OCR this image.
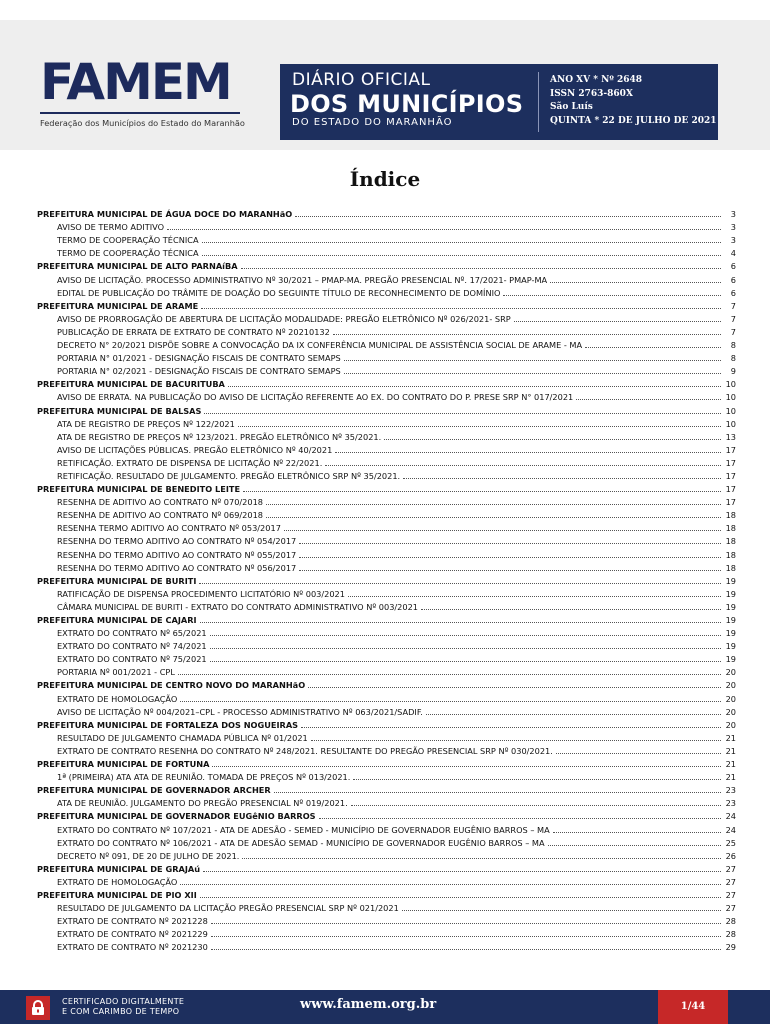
FAMEM
Federação dos Municípios do Estado do Maranhão
DIÁRIO OFICIAL
DOS MUNICÍPIOS
DO ESTADO DO MARANHÃO
ANO XV * Nº 2648
ISSN 2763-860X
São Luís
QUINTA * 22 DE JULHO DE 2021
Índice
PREFEITURA MUNICIPAL DE ÁGUA DOCE DO MARANHãO	3
AVISO DE TERMO ADITIVO	3
TERMO DE COOPERAÇÃO TÉCNICA	3
TERMO DE COOPERAÇÃO TÉCNICA	4
PREFEITURA MUNICIPAL DE ALTO PARNAíBA	6
AVISO DE LICITAÇÃO. PROCESSO ADMINISTRATIVO Nº 30/2021 – PMAP-MA. PREGÃO PRESENCIAL Nº. 17/2021- PMAP-MA	6
EDITAL DE PUBLICAÇÃO DO TRÂMITE DE DOAÇÃO DO SEGUINTE TÍTULO DE RECONHECIMENTO DE DOMÍNIO	6
PREFEITURA MUNICIPAL DE ARAME	7
AVISO DE PRORROGAÇÃO DE ABERTURA DE LICITAÇÃO MODALIDADE: PREGÃO ELETRÔNICO Nº 026/2021- SRP	7
PUBLICAÇÃO DE ERRATA DE EXTRATO DE CONTRATO Nº 20210132	7
DECRETO N° 20/2021 DISPÕE SOBRE A CONVOCAÇÃO DA IX CONFERÊNCIA MUNICIPAL DE ASSISTÊNCIA SOCIAL DE ARAME - MA	8
PORTARIA N° 01/2021 - DESIGNAÇÃO FISCAIS DE CONTRATO SEMAPS	8
PORTARIA N° 02/2021 - DESIGNAÇÃO FISCAIS DE CONTRATO SEMAPS	9
PREFEITURA MUNICIPAL DE BACURITUBA	10
AVISO DE ERRATA. NA PUBLICAÇÃO DO AVISO DE LICITAÇÃO REFERENTE AO EX. DO CONTRATO DO P. PRESE SRP N° 017/2021	10
PREFEITURA MUNICIPAL DE BALSAS	10
ATA DE REGISTRO DE PREÇOS Nº 122/2021	10
ATA DE REGISTRO DE PREÇOS Nº 123/2021. PREGÃO ELETRÔNICO Nº 35/2021.	13
AVISO DE LICITAÇÕES PÚBLICAS. PREGÃO ELETRÔNICO Nº 40/2021	17
RETIFICAÇÃO. EXTRATO DE DISPENSA DE LICITAÇÃO Nº 22/2021.	17
RETIFICAÇÃO. RESULTADO DE JULGAMENTO. PREGÃO ELETRÔNICO SRP Nº 35/2021.	17
PREFEITURA MUNICIPAL DE BENEDITO LEITE	17
RESENHA DE ADITIVO AO CONTRATO Nº 070/2018	17
RESENHA DE ADITIVO AO CONTRATO Nº 069/2018	18
RESENHA TERMO ADITIVO AO CONTRATO Nº 053/2017	18
RESENHA DO TERMO ADITIVO AO CONTRATO Nº 054/2017	18
RESENHA DO TERMO ADITIVO AO CONTRATO Nº 055/2017	18
RESENHA DO TERMO ADITIVO AO CONTRATO Nº 056/2017	18
PREFEITURA MUNICIPAL DE BURITI	19
RATIFICAÇÃO DE DISPENSA PROCEDIMENTO LICITATÓRIO Nº 003/2021	19
CÂMARA MUNICIPAL DE BURITI - EXTRATO DO CONTRATO ADMINISTRATIVO Nº 003/2021	19
PREFEITURA MUNICIPAL DE CAJARI	19
EXTRATO DO CONTRATO Nº 65/2021	19
EXTRATO DO CONTRATO Nº 74/2021	19
EXTRATO DO CONTRATO Nº 75/2021	19
PORTARIA Nº 001/2021 - CPL	20
PREFEITURA MUNICIPAL DE CENTRO NOVO DO MARANHãO	20
EXTRATO DE HOMOLOGAÇÃO	20
AVISO DE LICITAÇÃO Nº 004/2021–CPL - PROCESSO ADMINISTRATIVO Nº 063/2021/SADIF.	20
PREFEITURA MUNICIPAL DE FORTALEZA DOS NOGUEIRAS	20
RESULTADO DE JULGAMENTO CHAMADA PÚBLICA Nº 01/2021	21
EXTRATO DE CONTRATO RESENHA DO CONTRATO Nº 248/2021. RESULTANTE DO PREGÃO PRESENCIAL SRP Nº 030/2021.	21
PREFEITURA MUNICIPAL DE FORTUNA	21
1ª (PRIMEIRA) ATA ATA DE REUNIÃO. TOMADA DE PREÇOS Nº 013/2021.	21
PREFEITURA MUNICIPAL DE GOVERNADOR ARCHER	23
ATA DE REUNIÃO. JULGAMENTO DO PREGÃO PRESENCIAL Nº 019/2021.	23
PREFEITURA MUNICIPAL DE GOVERNADOR EUGêNIO BARROS	24
EXTRATO DO CONTRATO Nº 107/2021 - ATA DE ADESÃO - SEMED - MUNICÍPIO DE GOVERNADOR EUGÊNIO BARROS – MA	24
EXTRATO DO CONTRATO Nº 106/2021 - ATA DE ADESÃO SEMAD - MUNICÍPIO DE GOVERNADOR EUGÊNIO BARROS – MA	25
DECRETO Nº 091, DE 20 DE JULHO DE 2021.	26
PREFEITURA MUNICIPAL DE GRAJAú	27
EXTRATO DE HOMOLOGAÇÃO	27
PREFEITURA MUNICIPAL DE PIO XII	27
RESULTADO DE JULGAMENTO DA LICITAÇÃO PREGÃO PRESENCIAL SRP Nº 021/2021	27
EXTRATO DE CONTRATO Nº 2021228	28
EXTRATO DE CONTRATO Nº 2021229	28
EXTRATO DE CONTRATO Nº 2021230	29
CERTIFICADO DIGITALMENTE
E COM CARIMBO DE TEMPO	www.famem.org.br	1/44
